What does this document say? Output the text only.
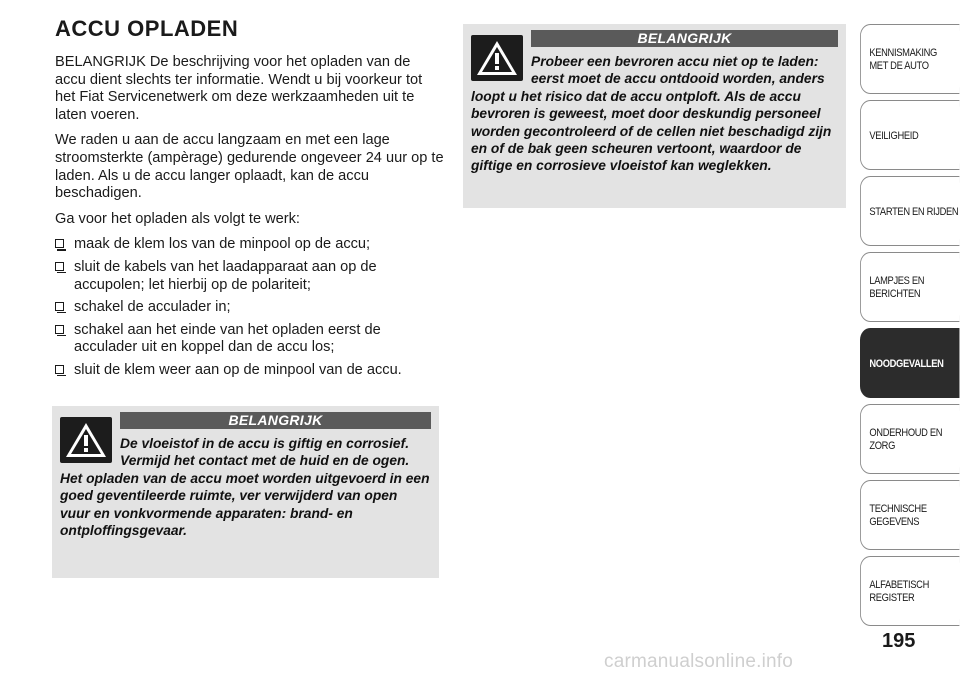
ACCU OPLADEN

BELANGRIJK De beschrijving voor het opladen van de accu dient slechts ter informatie. Wendt u bij voorkeur tot het Fiat Servicenetwerk om deze werkzaamheden uit te laten voeren.

We raden u aan de accu langzaam en met een lage stroomsterkte (ampèrage) gedurende ongeveer 24 uur op te laden. Als u de accu langer oplaadt, kan de accu beschadigen.

Ga voor het opladen als volgt te werk:

maak de klem los van de minpool op de accu;
sluit de kabels van het laadapparaat aan op de accupolen; let hierbij op de polariteit;
schakel de acculader in;
schakel aan het einde van het opladen eerst de acculader uit en koppel dan de accu los;
sluit de klem weer aan op de minpool van de accu.
BELANGRIJK
De vloeistof in de accu is giftig en corrosief. Vermijd het contact met de huid en de ogen. Het opladen van de accu moet worden uitgevoerd in een goed geventileerde ruimte, ver verwijderd van open vuur en vonkvormende apparaten: brand- en ontploffingsgevaar.
BELANGRIJK
Probeer een bevroren accu niet op te laden: eerst moet de accu ontdooid worden, anders loopt u het risico dat de accu ontploft. Als de accu bevroren is geweest, moet door deskundig personeel worden gecontroleerd of de cellen niet beschadigd zijn en of de bak geen scheuren vertoont, waardoor de giftige en corrosieve vloeistof kan weglekken.
KENNISMAKING
MET DE AUTO
VEILIGHEID
STARTEN EN RIJDEN
LAMPJES EN
BERICHTEN
NOODGEVALLEN
ONDERHOUD EN
ZORG
TECHNISCHE
GEGEVENS
ALFABETISCH
REGISTER
195
carmanualsonline.info
